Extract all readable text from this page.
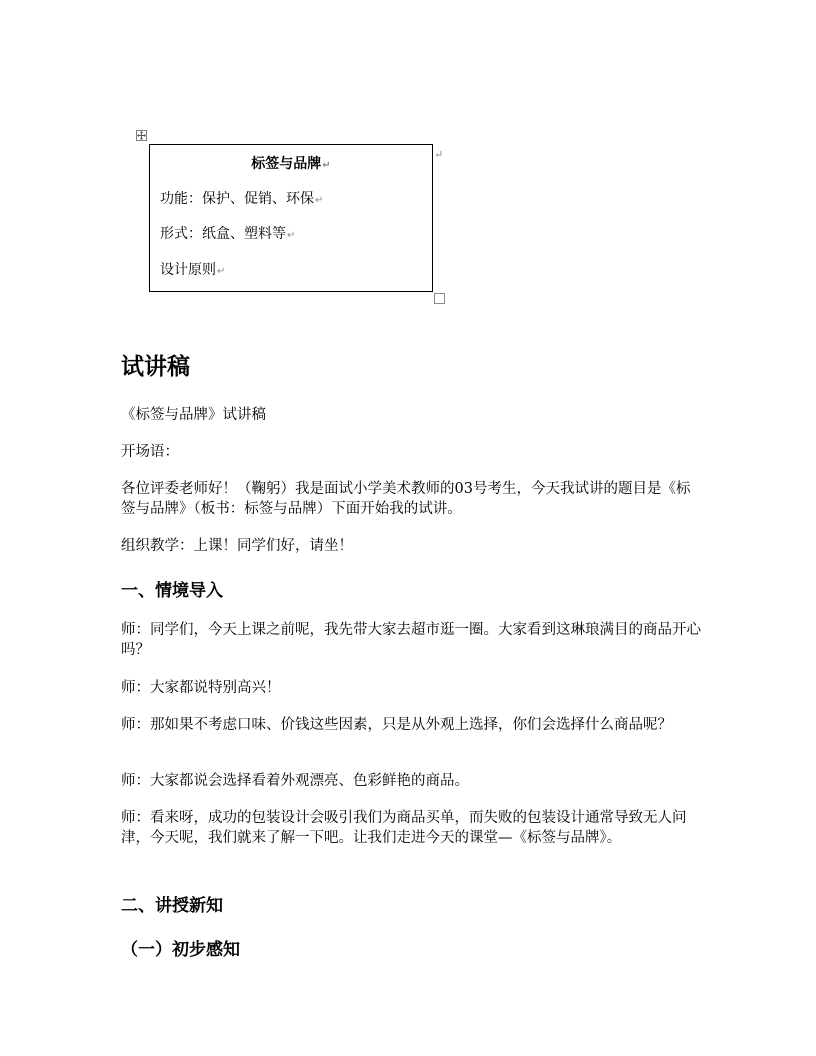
标签与品牌↵
功能：保护、促销、环保↵
形式：纸盒、塑料等↵
设计原则↵
↵
试讲稿

《标签与品牌》试讲稿

开场语：

各位评委老师好！（鞠躬）我是面试小学美术教师的03号考生，今天我试讲的题目是《标签与品牌》（板书：标签与品牌）下面开始我的试讲。

组织教学：上课！同学们好，请坐！

一、情境导入

师：同学们，今天上课之前呢，我先带大家去超市逛一圈。大家看到这琳琅满目的商品开心吗？

师：大家都说特别高兴！

师：那如果不考虑口味、价钱这些因素，只是从外观上选择，你们会选择什么商品呢？

师：大家都说会选择看着外观漂亮、色彩鲜艳的商品。

师：看来呀，成功的包装设计会吸引我们为商品买单，而失败的包装设计通常导致无人问津，今天呢，我们就来了解一下吧。让我们走进今天的课堂—《标签与品牌》。

二、讲授新知
（一）初步感知
